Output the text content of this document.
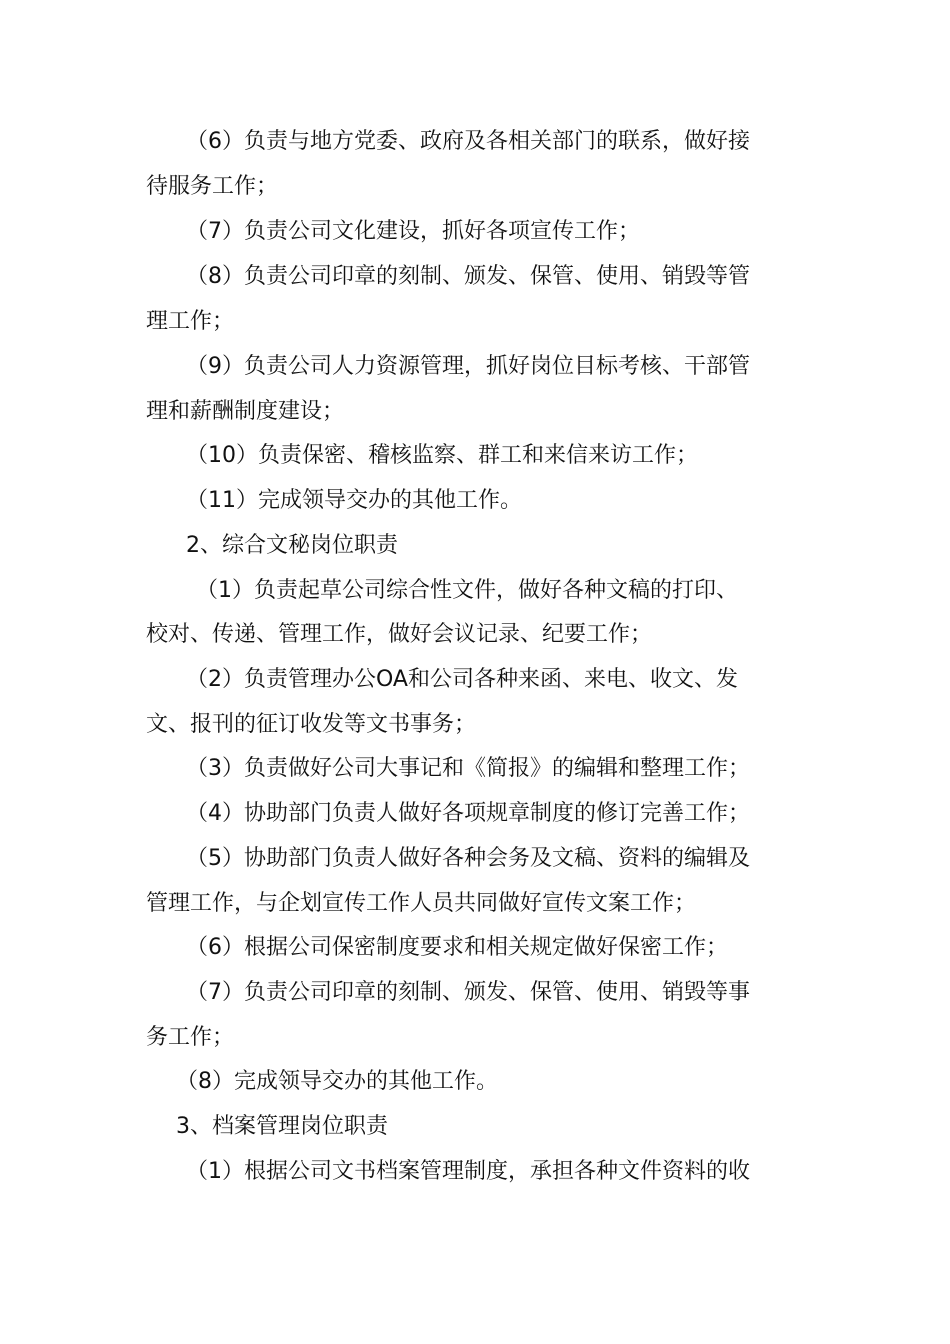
（6）负责与地方党委、政府及各相关部门的联系，做好接
待服务工作；
（7）负责公司文化建设，抓好各项宣传工作；
（8）负责公司印章的刻制、颁发、保管、使用、销毁等管
理工作；
（9）负责公司人力资源管理，抓好岗位目标考核、干部管
理和薪酬制度建设；
（10）负责保密、稽核监察、群工和来信来访工作；
（11）完成领导交办的其他工作。
2、综合文秘岗位职责
（1）负责起草公司综合性文件，做好各种文稿的打印、
校对、传递、管理工作，做好会议记录、纪要工作；
（2）负责管理办公OA和公司各种来函、来电、收文、发
文、报刊的征订收发等文书事务；
（3）负责做好公司大事记和《简报》的编辑和整理工作；
（4）协助部门负责人做好各项规章制度的修订完善工作；
（5）协助部门负责人做好各种会务及文稿、资料的编辑及
管理工作，与企划宣传工作人员共同做好宣传文案工作；
（6）根据公司保密制度要求和相关规定做好保密工作；
（7）负责公司印章的刻制、颁发、保管、使用、销毁等事
务工作；
（8）完成领导交办的其他工作。
3、档案管理岗位职责
（1）根据公司文书档案管理制度，承担各种文件资料的收
